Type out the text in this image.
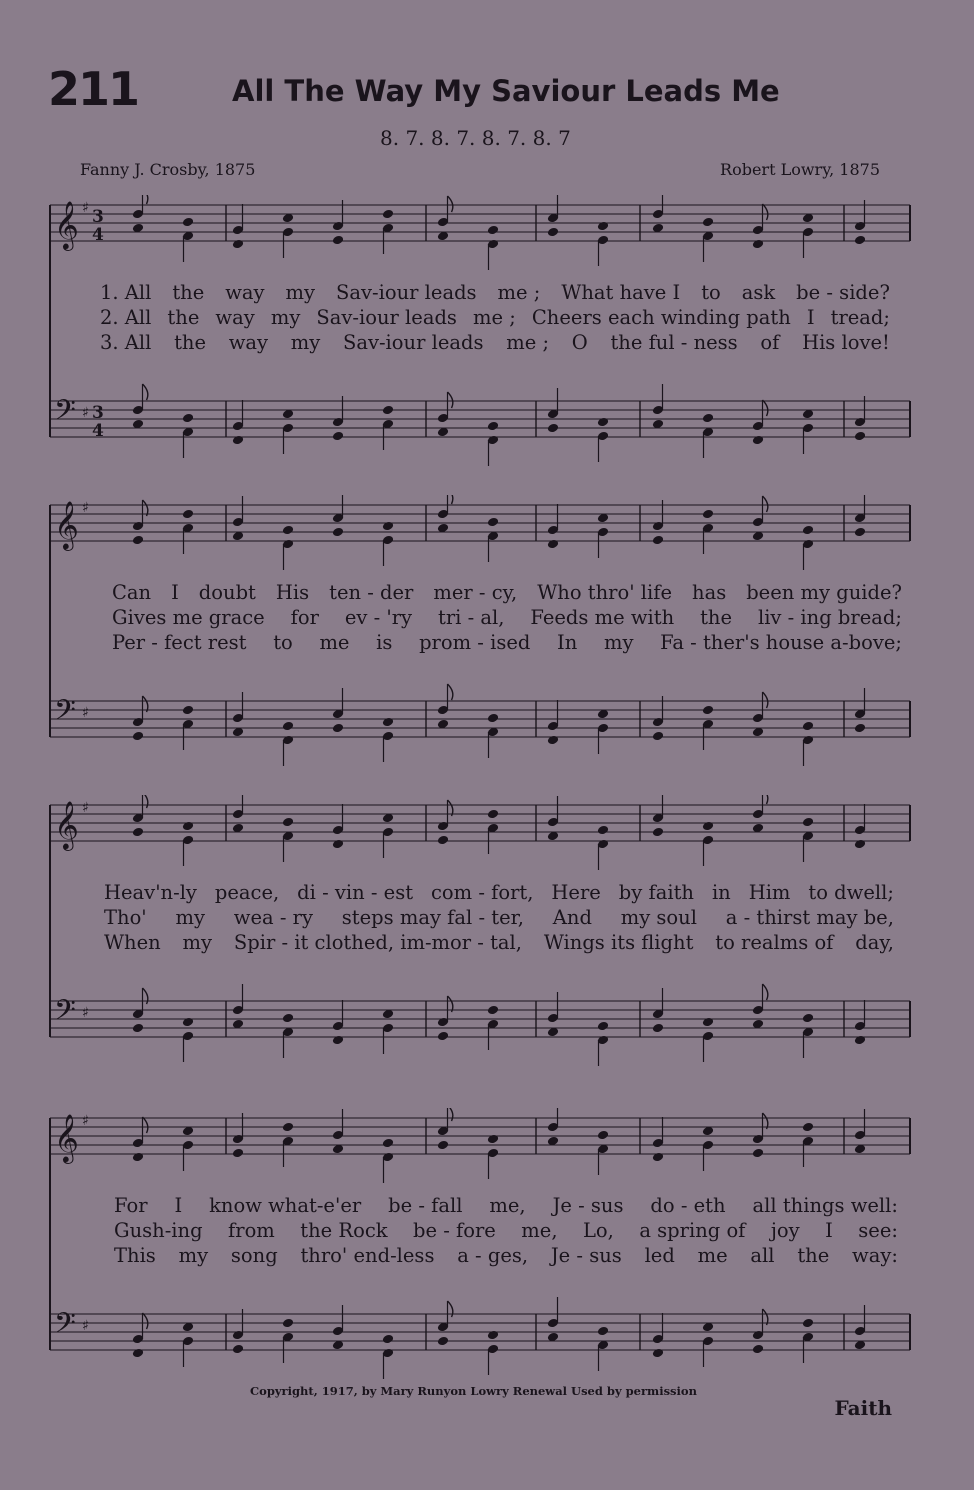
211	All The Way My Saviour Leads Me
8. 7. 8. 7. 8. 7. 8. 7
Fanny J. Crosby, 1875	Robert Lowry, 1875
𝄞 ♯ 3
4
𝄢 ♯ 3
4
1. All the way my Sav-iour leads me ; What have I to ask be - side?
2. All the way my Sav-iour leads me ; Cheers each winding path I tread;
3. All the way my Sav-iour leads me ; O the ful - ness of His love!
𝄞 ♯
𝄢 ♯
Can I doubt His ten - der mer - cy, Who thro' life has been my guide?
Gives me grace for ev - 'ry tri - al, Feeds me with the liv - ing bread;
Per - fect rest to me is prom - ised In my Fa - ther's house a-bove;
𝄞 ♯
𝄢 ♯
Heav'n-ly peace, di - vin - est com - fort, Here by faith in Him to dwell;
Tho' my wea - ry steps may fal - ter, And my soul a - thirst may be,
When my Spir - it clothed, im-mor - tal, Wings its flight to realms of day,
𝄞 ♯
𝄢 ♯
For I know what-e'er be - fall me, Je - sus do - eth all things well:
Gush-ing from the Rock be - fore me, Lo, a spring of joy I see:
This my song thro' end-less a - ges, Je - sus led me all the way:
Copyright, 1917, by Mary Runyon Lowry Renewal Used by permission
Faith
